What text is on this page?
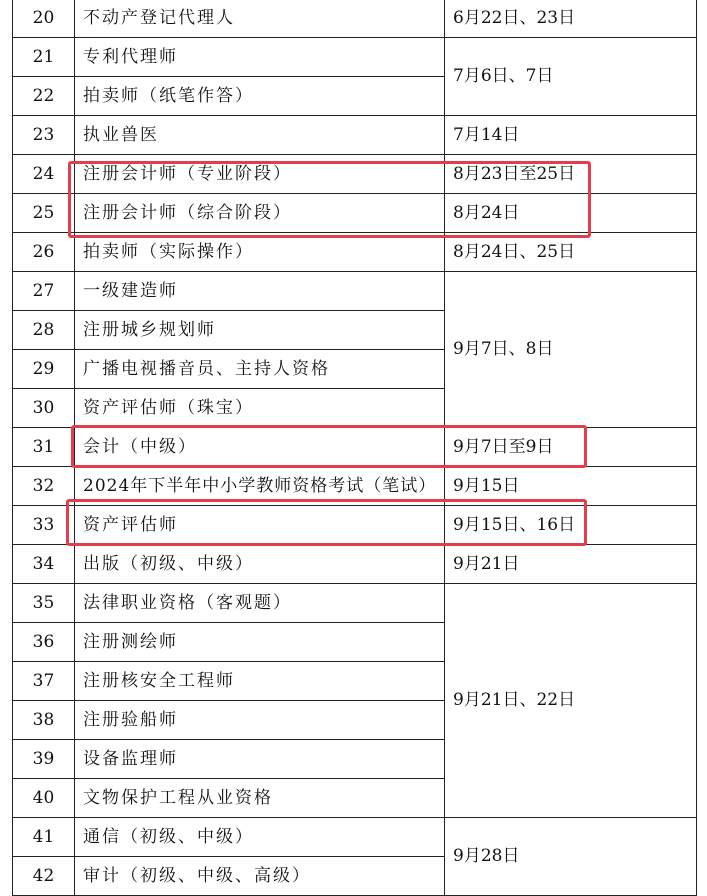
20	不动产登记代理人	6月22日、23日
21	专利代理师	7月6日、7日
22	拍卖师（纸笔作答）	
23	执业兽医	7月14日
24	注册会计师（专业阶段）	8月23日至25日
25	注册会计师（综合阶段）	8月24日
26	拍卖师（实际操作）	8月24日、25日
27	一级建造师	9月7日、8日
28	注册城乡规划师	
29	广播电视播音员、主持人资格	
30	资产评估师（珠宝）	
31	会计（中级）	9月7日至9日
32	2024年下半年中小学教师资格考试（笔试）	9月15日
33	资产评估师	9月15日、16日
34	出版（初级、中级）	9月21日
35	法律职业资格（客观题）	9月21日、22日
36	注册测绘师	
37	注册核安全工程师	
38	注册验船师	
39	设备监理师	
40	文物保护工程从业资格	
41	通信（初级、中级）	9月28日
42	审计（初级、中级、高级）	
